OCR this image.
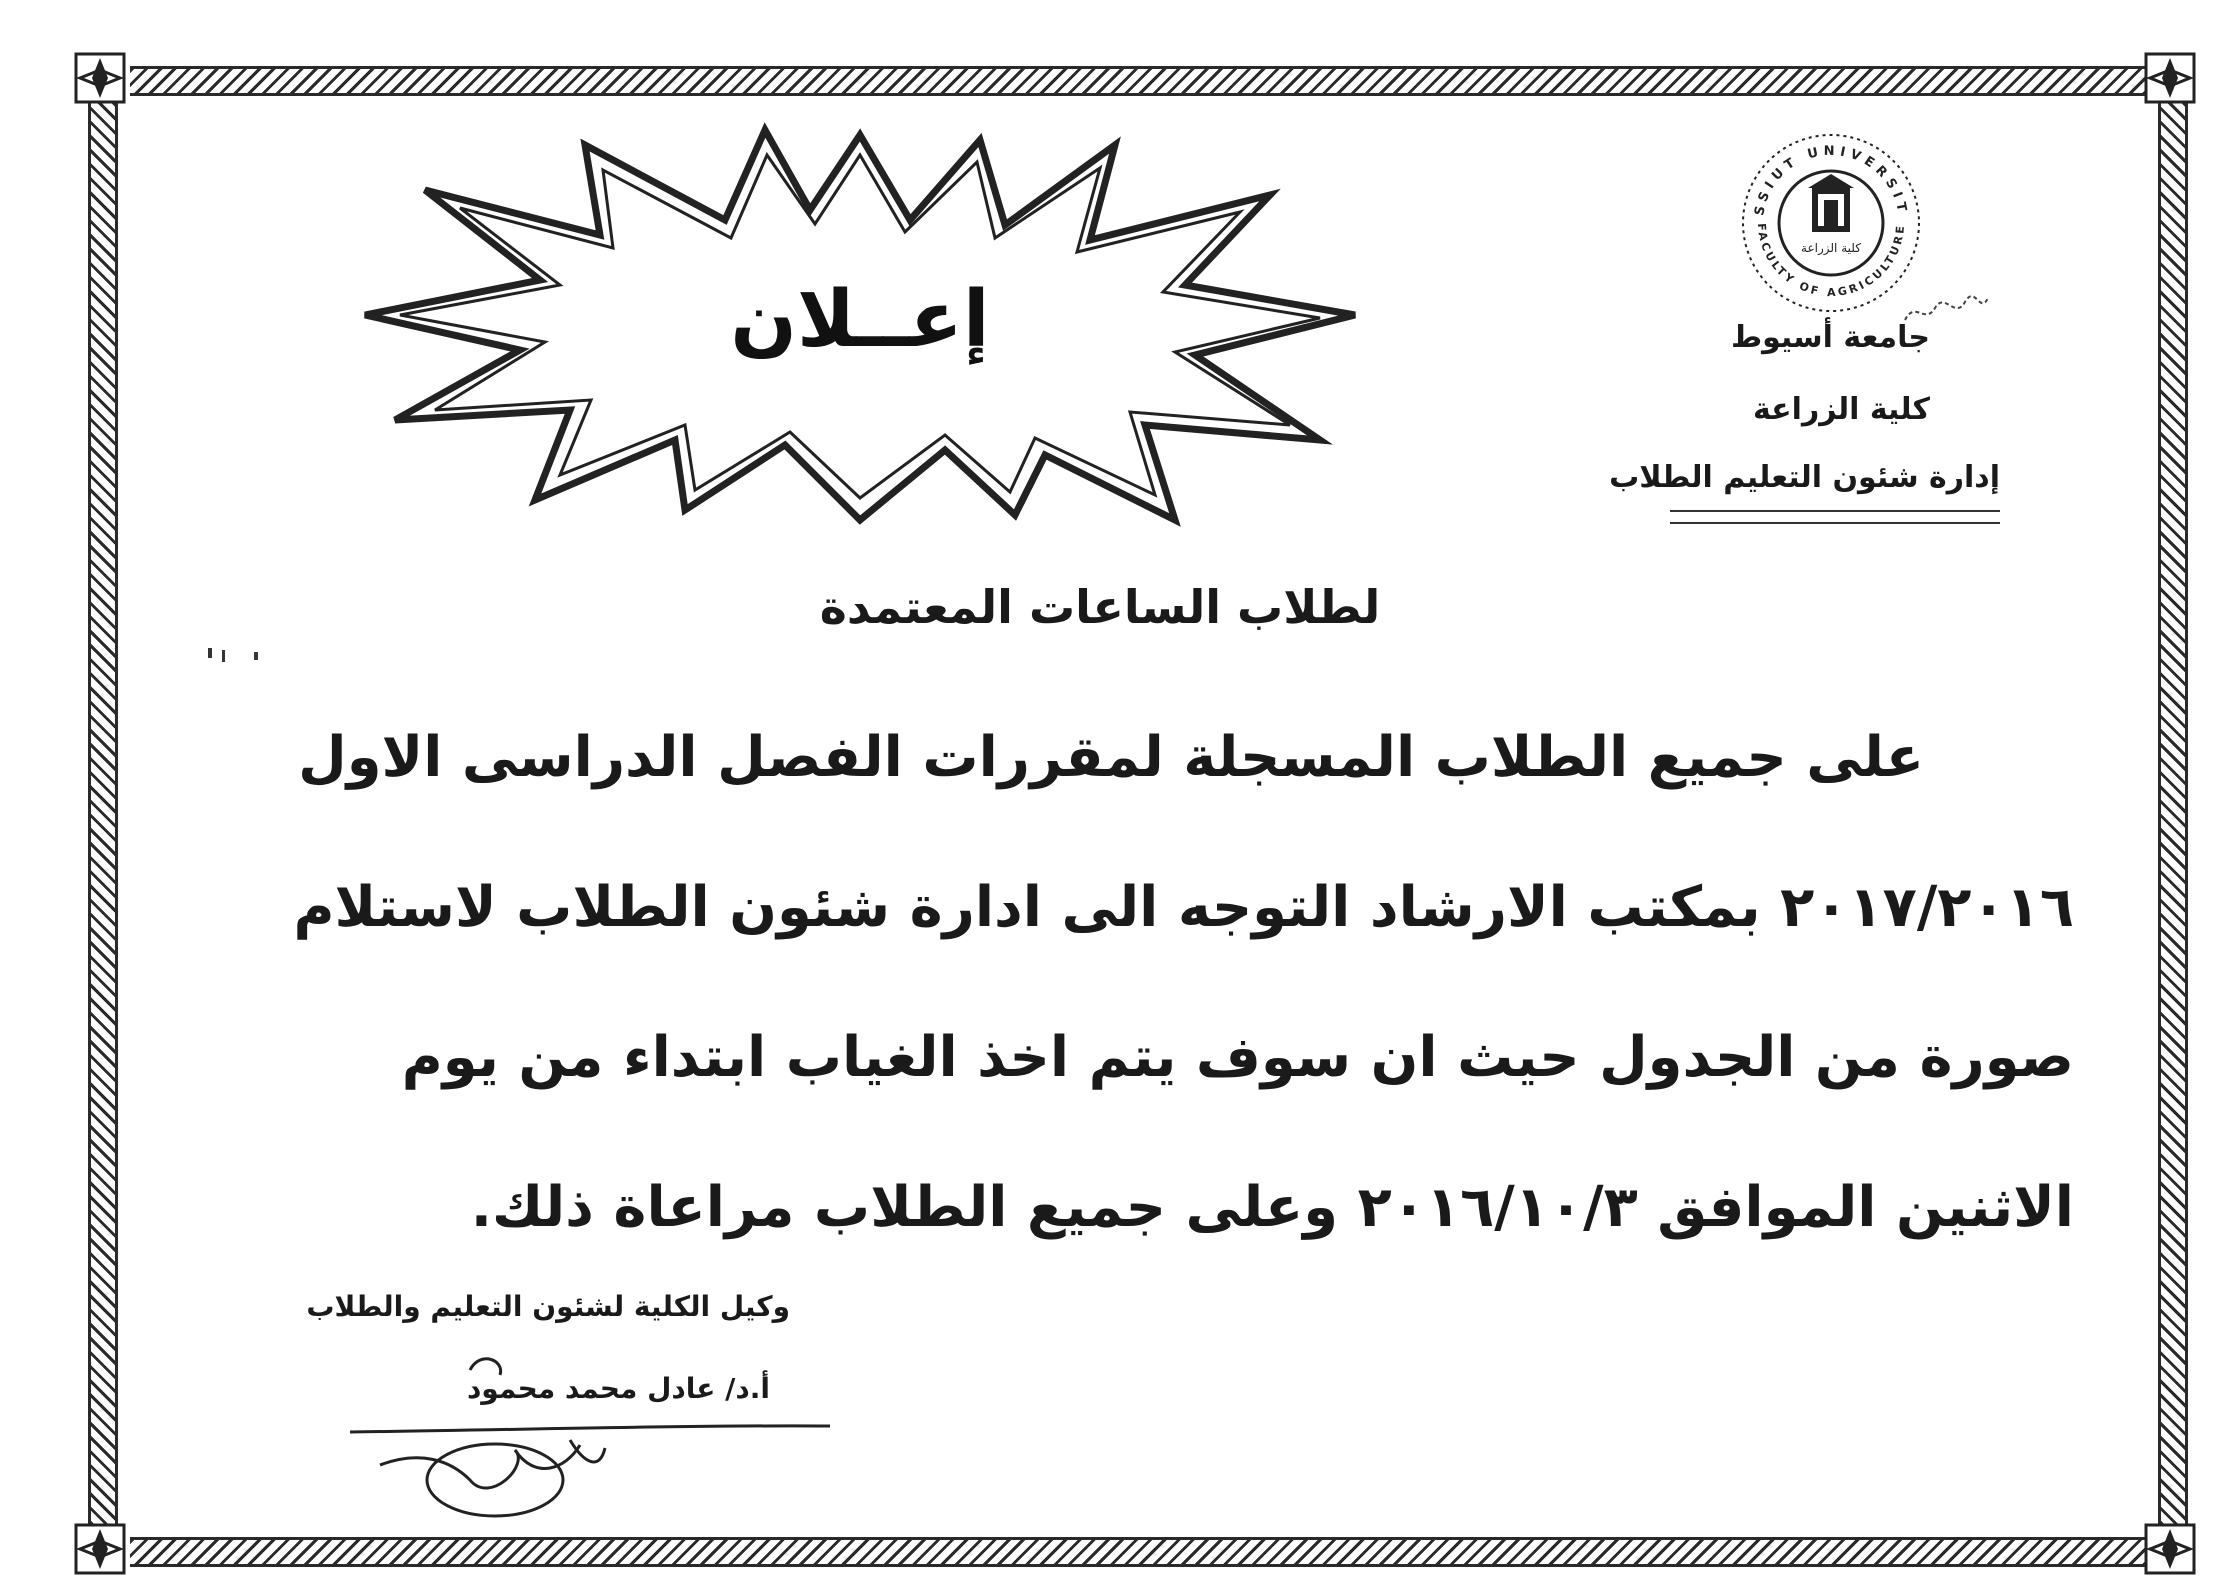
SSIUT UNIVERSIT
FACULTY OF AGRICULTURE
كلية الزراعة
جامعة أسيوط
كلية الزراعة
إدارة شئون التعليم الطلاب
إعــلان
لطلاب الساعات المعتمدة
على جميع الطلاب المسجلة لمقررات الفصل الدراسى الاول
٢٠١٧/٢٠١٦ بمكتب الارشاد التوجه الى ادارة شئون الطلاب لاستلام
صورة من الجدول حيث ان سوف يتم اخذ الغياب ابتداء من يوم
الاثنين الموافق ٢٠١٦/١٠/٣ وعلى جميع الطلاب مراعاة ذلك.
وكيل الكلية لشئون التعليم والطلاب
أ.د/ عادل محمد محمود
